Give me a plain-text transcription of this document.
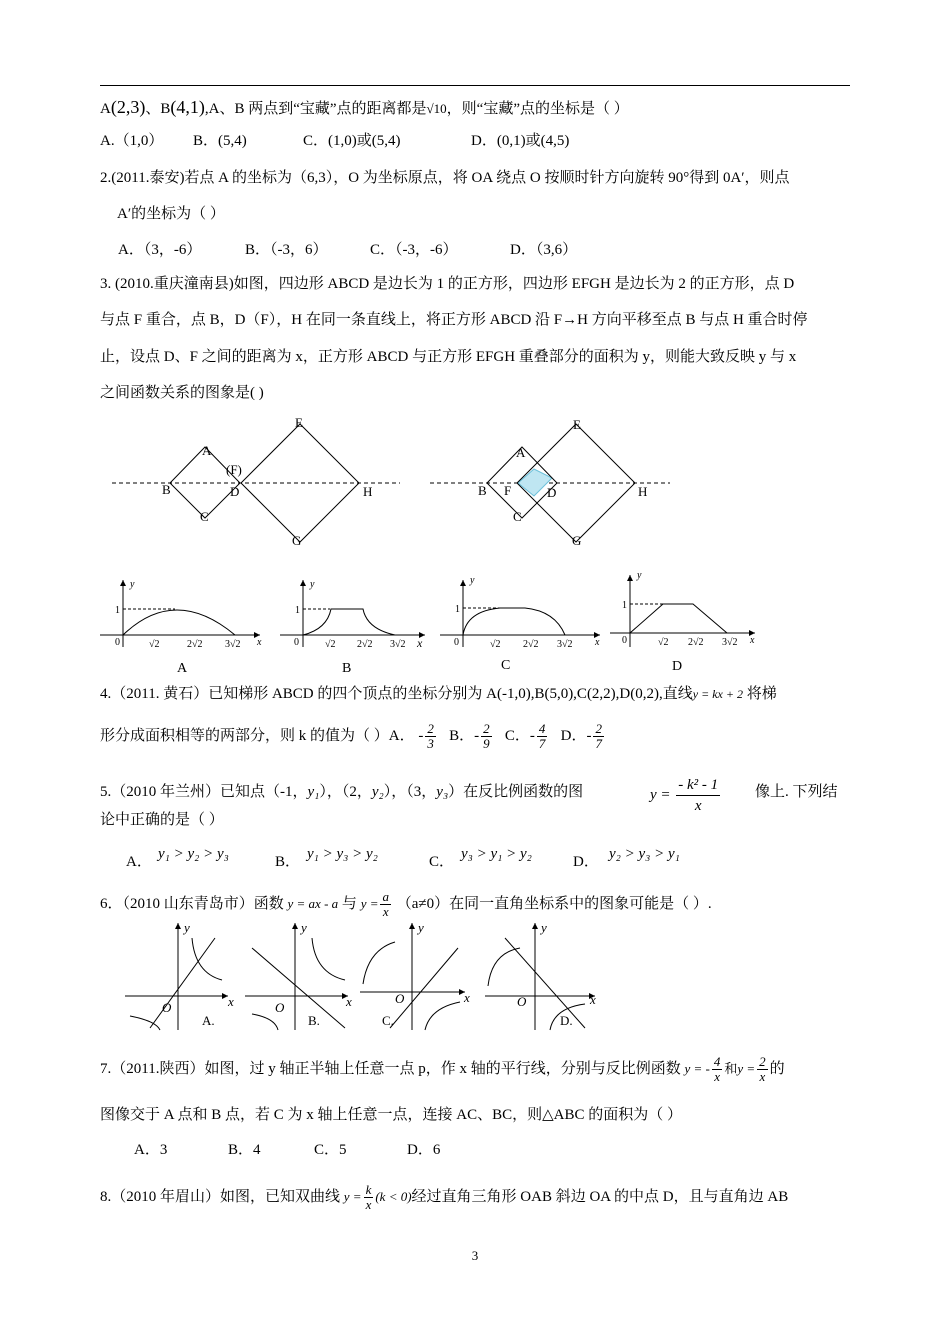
A(2,3)、B(4,1),A、B 两点到“宝藏”点的距离都是√10，则“宝藏”点的坐标是（ ）
A.（1,0） B．(5,4)	C．(1,0)或(5,4)	D．(0,1)或(4,5)
2.(2011.泰安)若点 A 的坐标为（6,3），O 为坐标原点，将 OA 绕点 O 按顺时针方向旋转 90°得到 0A′，则点
A′的坐标为（ ）
A．（3，-6）	B．（-3，6）	C．（-3，-6）	D．（3,6）
3. (2010.重庆潼南县)如图，四边形 ABCD 是边长为 1 的正方形，四边形 EFGH 是边长为 2 的正方形，点 D
与点 F 重合，点 B，D（F），H 在同一条直线上，将正方形 ABCD 沿 F→H 方向平移至点 B 与点 H 重合时停
止，设点 D、F 之间的距离为 x，正方形 ABCD 与正方形 EFGH 重叠部分的面积为 y，则能大致反映 y 与 x
之间函数关系的图象是( )
A
B
C
D
(F)
E
G
H
A
B F
C
D
E
G
H
y
1
0	√2	2√2 3√2 x
y
1
0	√2 2√2 3√2 x
y
1
0	√2 2√2 3√2 x
y
1
0	√2 2√2 3√2 x
A	B	C	D
4.（2011. 黄石）已知梯形 ABCD 的四个顶点的坐标分别为 A(-1,0),B(5,0),C(2,2),D(0,2),直线y = kx + 2 将梯
形分成面积相等的两部分，则 k 的值为（ ）A． - $\frac{2}{3}$ B．- $\frac{2}{9}$ C．- $\frac{4}{7}$ D．- $\frac{2}{7}$
5.（2010 年兰州）已知点（-1，y₁），（2，y₂），（3，y₃）在反比例函数的图	$y = \frac{\text{- k² - 1}}{x}$ 像上. 下列结
论中正确的是（ ）
A． y₁ > y₂ > y₃	B． y₁ > y₃ > y₂	C． y₃ > y₁ > y₂	D． y₂ > y₃ > y₁
6．（2010 山东青岛市）函数 y = ax - a 与 $y = \frac{a}{x} (a\ne 0)$在同一直角坐标系中的图象可能是（ ）.
y
O	x
A.
y
O	x
B.
y
O	x
C.
y
O	x
D.
7.（2011.陕西）如图，过 y 轴正半轴上任意一点 p，作 x 轴的平行线，分别与反比例函数 y = - $\frac{4}{x}$ 和$y = \frac{2}{x}$ 的
图像交于 A 点和 B 点，若 C 为 x 轴上任意一点，连接 AC、BC，则△ABC 的面积为（ ）
A．3	B．4	C．5	D．6
8.（2010 年眉山）如图，已知双曲线 $y = \frac{k}{x} (k < 0)$经过直角三角形 OAB 斜边 OA 的中点 D，且与直角边 AB
3
